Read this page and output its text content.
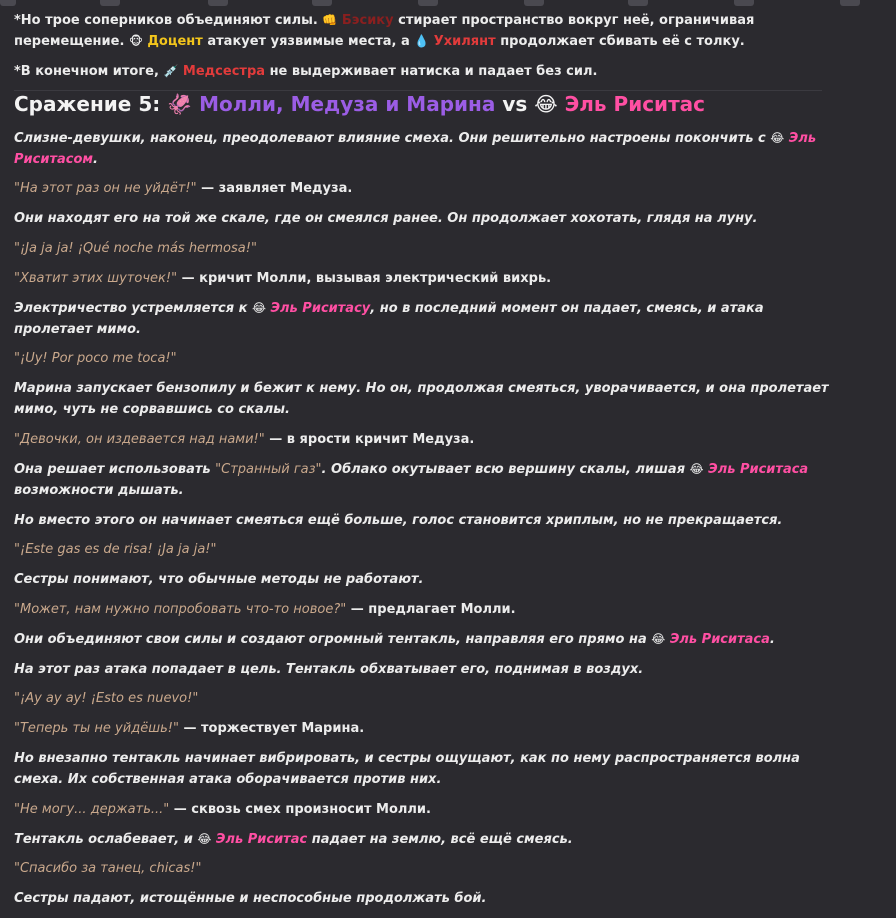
*Но трое соперников объединяют силы. 👊 Бэсику стирает пространство вокруг неё, ограничивая перемещение. 🐵 Доцент атакует уязвимые места, а 💧 Ухилянт продолжает сбивать её с толку.

*В конечном итоге, 💉 Медсестра не выдерживает натиска и падает без сил.

Сражение 5: 🦑 Молли, Медуза и Марина vs 😂 Эль Риситас

Слизне-девушки, наконец, преодолевают влияние смеха. Они решительно настроены покончить с 😂 Эль Риситасом.

"На этот раз он не уйдёт!" — заявляет Медуза.

Они находят его на той же скале, где он смеялся ранее. Он продолжает хохотать, глядя на луну.

"¡Ja ja ja! ¡Qué noche más hermosa!"

"Хватит этих шуточек!" — кричит Молли, вызывая электрический вихрь.

Электричество устремляется к 😂 Эль Риситасу, но в последний момент он падает, смеясь, и атака пролетает мимо.

"¡Uy! Por poco me toca!"

Марина запускает бензопилу и бежит к нему. Но он, продолжая смеяться, уворачивается, и она пролетает мимо, чуть не сорвавшись со скалы.

"Девочки, он издевается над нами!" — в ярости кричит Медуза.

Она решает использовать "Странный газ". Облако окутывает всю вершину скалы, лишая 😂 Эль Риситаса возможности дышать.

Но вместо этого он начинает смеяться ещё больше, голос становится хриплым, но не прекращается.

"¡Este gas es de risa! ¡Ja ja ja!"

Сестры понимают, что обычные методы не работают.

"Может, нам нужно попробовать что-то новое?" — предлагает Молли.

Они объединяют свои силы и создают огромный тентакль, направляя его прямо на 😂 Эль Риситаса.

На этот раз атака попадает в цель. Тентакль обхватывает его, поднимая в воздух.

"¡Ay ay ay! ¡Esto es nuevo!"

"Теперь ты не уйдёшь!" — торжествует Марина.

Но внезапно тентакль начинает вибрировать, и сестры ощущают, как по нему распространяется волна смеха. Их собственная атака оборачивается против них.

"Не могу... держать..." — сквозь смех произносит Молли.

Тентакль ослабевает, и 😂 Эль Риситас падает на землю, всё ещё смеясь.

"Спасибо за танец, chicas!"

Сестры падают, истощённые и неспособные продолжать бой.
